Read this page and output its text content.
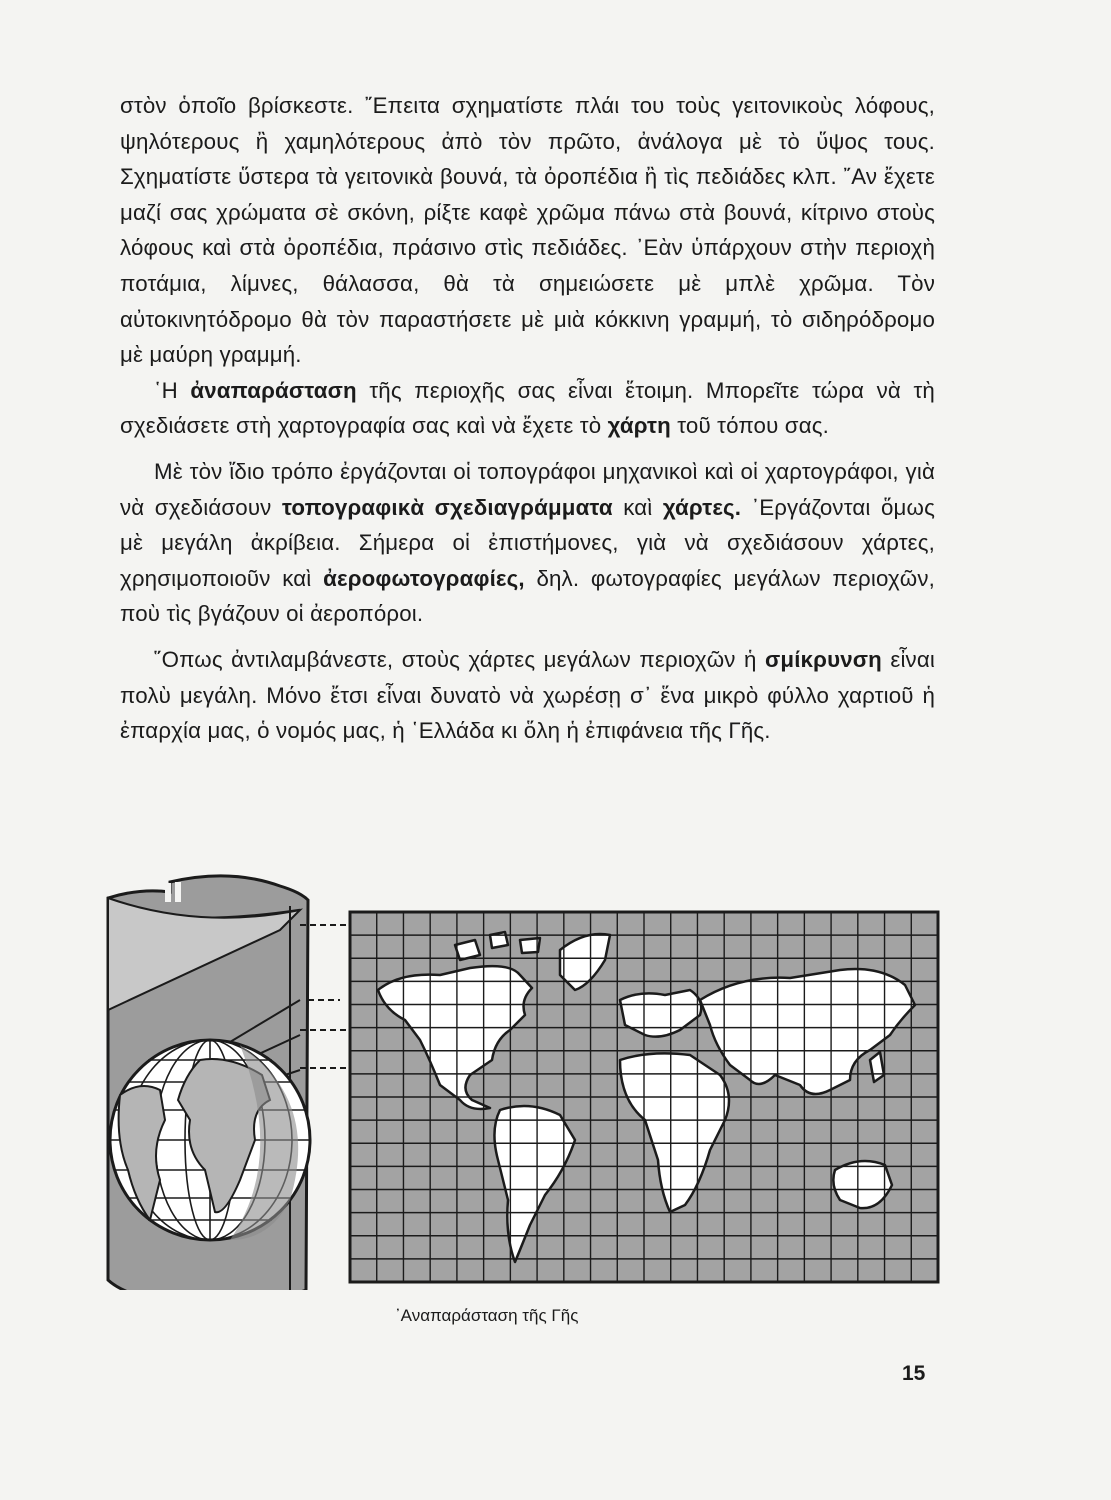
στὸν ὁποῖο βρίσκεστε. ῎Επειτα σχηματίστε πλάι του τοὺς γειτονικοὺς λόφους, ψηλότερους ἢ χαμηλότερους ἀπὸ τὸν πρῶτο, ἀνάλογα μὲ τὸ ὕψος τους. Σχηματίστε ὕστερα τὰ γειτονικὰ βουνά, τὰ ὀροπέδια ἢ τὶς πεδιάδες κλπ. ῎Αν ἔχετε μαζί σας χρώματα σὲ σκόνη, ρίξτε καφὲ χρῶμα πάνω στὰ βουνά, κίτρινο στοὺς λόφους καὶ στὰ ὀροπέδια, πράσινο στὶς πεδιάδες. ᾿Εὰν ὑπάρχουν στὴν περιοχὴ ποτάμια, λίμνες, θάλασσα, θὰ τὰ σημειώσετε μὲ μπλὲ χρῶμα. Τὸν αὐτοκινητόδρομο θὰ τὸν παραστήσετε μὲ μιὰ κόκκινη γραμμή, τὸ σιδηρόδρομο μὲ μαύρη γραμμή.

῾Η ἀναπαράσταση τῆς περιοχῆς σας εἶναι ἕτοιμη. Μπορεῖτε τώρα νὰ τὴ σχεδιάσετε στὴ χαρτογραφία σας καὶ νὰ ἔχετε τὸ χάρτη τοῦ τόπου σας.

Μὲ τὸν ἴδιο τρόπο ἐργάζονται οἱ τοπογράφοι μηχανικοὶ καὶ οἱ χαρτογράφοι, γιὰ νὰ σχεδιάσουν τοπογραφικὰ σχεδιαγράμματα καὶ χάρτες. ᾿Εργάζονται ὅμως μὲ μεγάλη ἀκρίβεια. Σήμερα οἱ ἐπιστήμονες, γιὰ νὰ σχεδιάσουν χάρτες, χρησιμοποιοῦν καὶ ἀεροφωτογραφίες, δηλ. φωτογραφίες μεγάλων περιοχῶν, ποὺ τὶς βγάζουν οἱ ἀεροπόροι.

῞Οπως ἀντιλαμβάνεστε, στοὺς χάρτες μεγάλων περιοχῶν ἡ σμίκρυνση εἶναι πολὺ μεγάλη. Μόνο ἔτσι εἶναι δυνατὸ νὰ χωρέσῃ σ᾿ ἕνα μικρὸ φύλλο χαρτιοῦ ἡ ἐπαρχία μας, ὁ νομός μας, ἡ ῾Ελλάδα κι ὅλη ἡ ἐπιφάνεια τῆς Γῆς.

᾿Αναπαράσταση τῆς Γῆς
15
